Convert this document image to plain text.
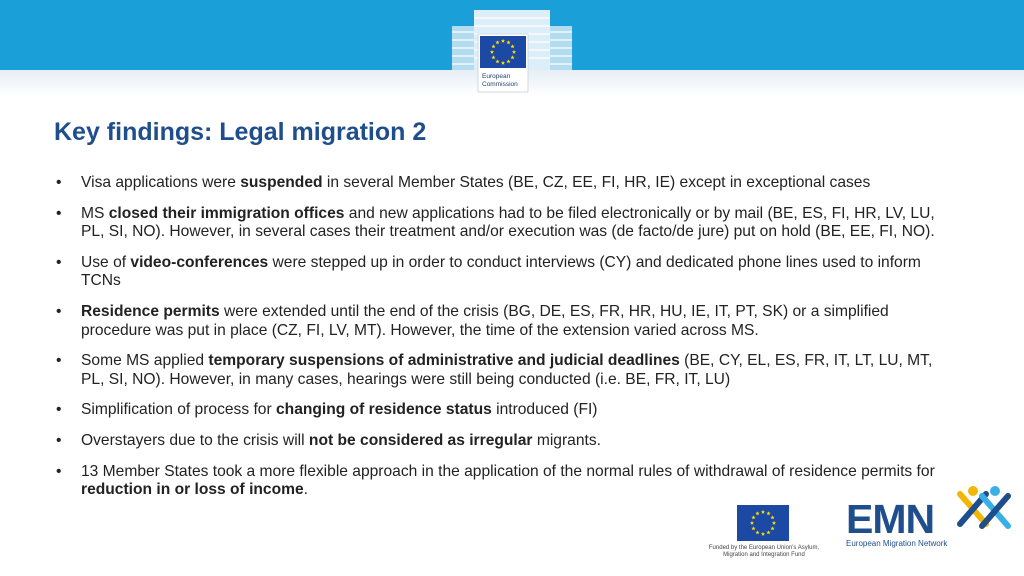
European
Commission
Key findings: Legal migration 2
• Visa applications were suspended in several Member States (BE, CZ, EE, FI, HR, IE) except in exceptional cases
• MS closed their immigration offices and new applications had to be filed electronically or by mail (BE, ES, FI, HR, LV, LU, PL, SI, NO). However, in several cases their treatment and/or execution was (de facto/de jure) put on hold (BE, EE, FI, NO).
• Use of video-conferences were stepped up in order to conduct interviews (CY) and dedicated phone lines used to inform TCNs
• Residence permits were extended until the end of the crisis (BG, DE, ES, FR, HR, HU, IE, IT, PT, SK) or a simplified procedure was put in place (CZ, FI, LV, MT). However, the time of the extension varied across MS.
• Some MS applied temporary suspensions of administrative and judicial deadlines (BE, CY, EL, ES, FR, IT, LT, LU, MT, PL, SI, NO). However, in many cases, hearings were still being conducted (i.e. BE, FR, IT, LU)
• Simplification of process for changing of residence status introduced (FI)
• Overstayers due to the crisis will not be considered as irregular migrants.
• 13 Member States took a more flexible approach in the application of the normal rules of withdrawal of residence permits for reduction in or loss of income.
Funded by the European Union's Asylum, Migration and Integration Fund
EMN
European Migration Network
